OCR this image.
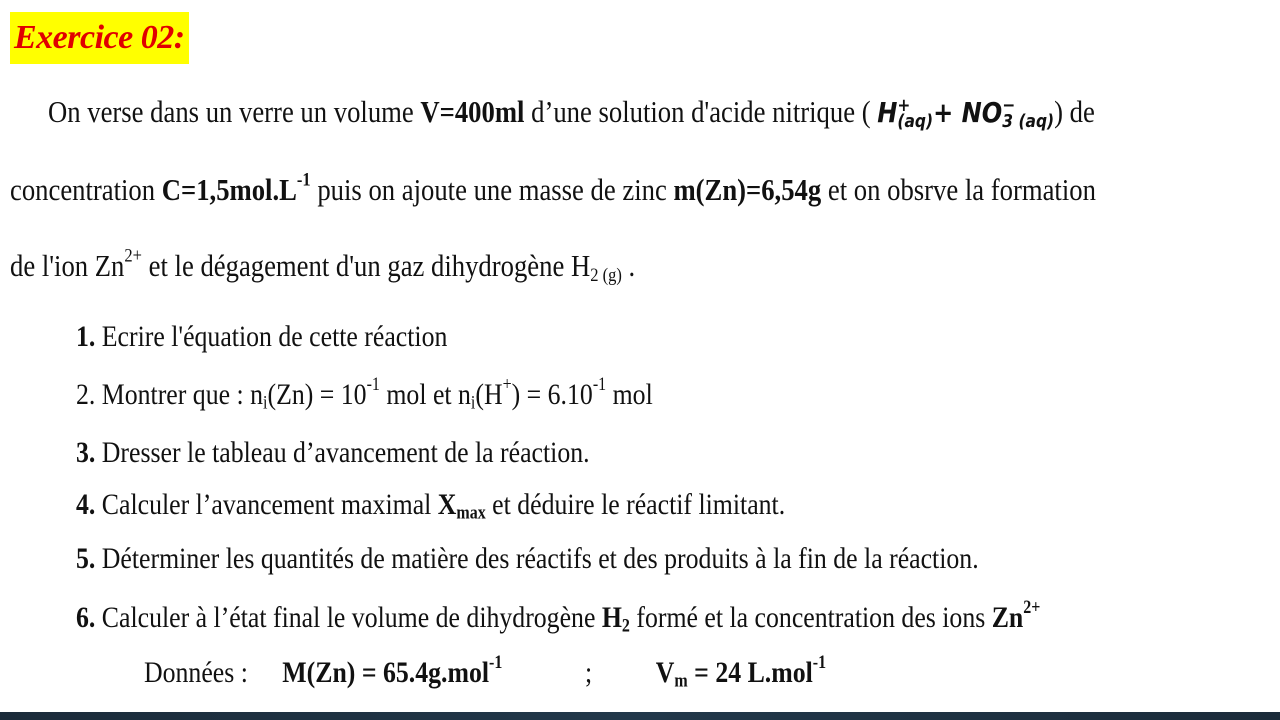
Exercice 02:
On verse dans un verre un volume V=400ml d’une solution d'acide nitrique ( H +
(aq) + NO −
3 (aq) ) de
concentration $C=1,5mol.L^{-1}$ puis on ajoute une masse de zinc m(Zn)=6,54g et on obsrve la formation
de l'ion $Zn^{2+}$ et le dégagement d'un gaz dihydrogène $H_{2 (g)}$ .
1. Ecrire l'équation de cette réaction
2. Montrer que : $n_i(Zn) = 10^{-1}$ mol et $n_i(H^+) = 6.10^{-1}$ mol
3. Dresser le tableau d’avancement de la réaction.
4. Calculer l’avancement maximal $X_{max}$ et déduire le réactif limitant.
5. Déterminer les quantités de matière des réactifs et des produits à la fin de la réaction.
6. Calculer à l’état final le volume de dihydrogène $H_2$ formé et la concentration des ions $Zn^{2+}$
Données : M(Zn) = 65.4g.mol$^{-1}$	; $V_m = 24$ L.mol$^{-1}$
